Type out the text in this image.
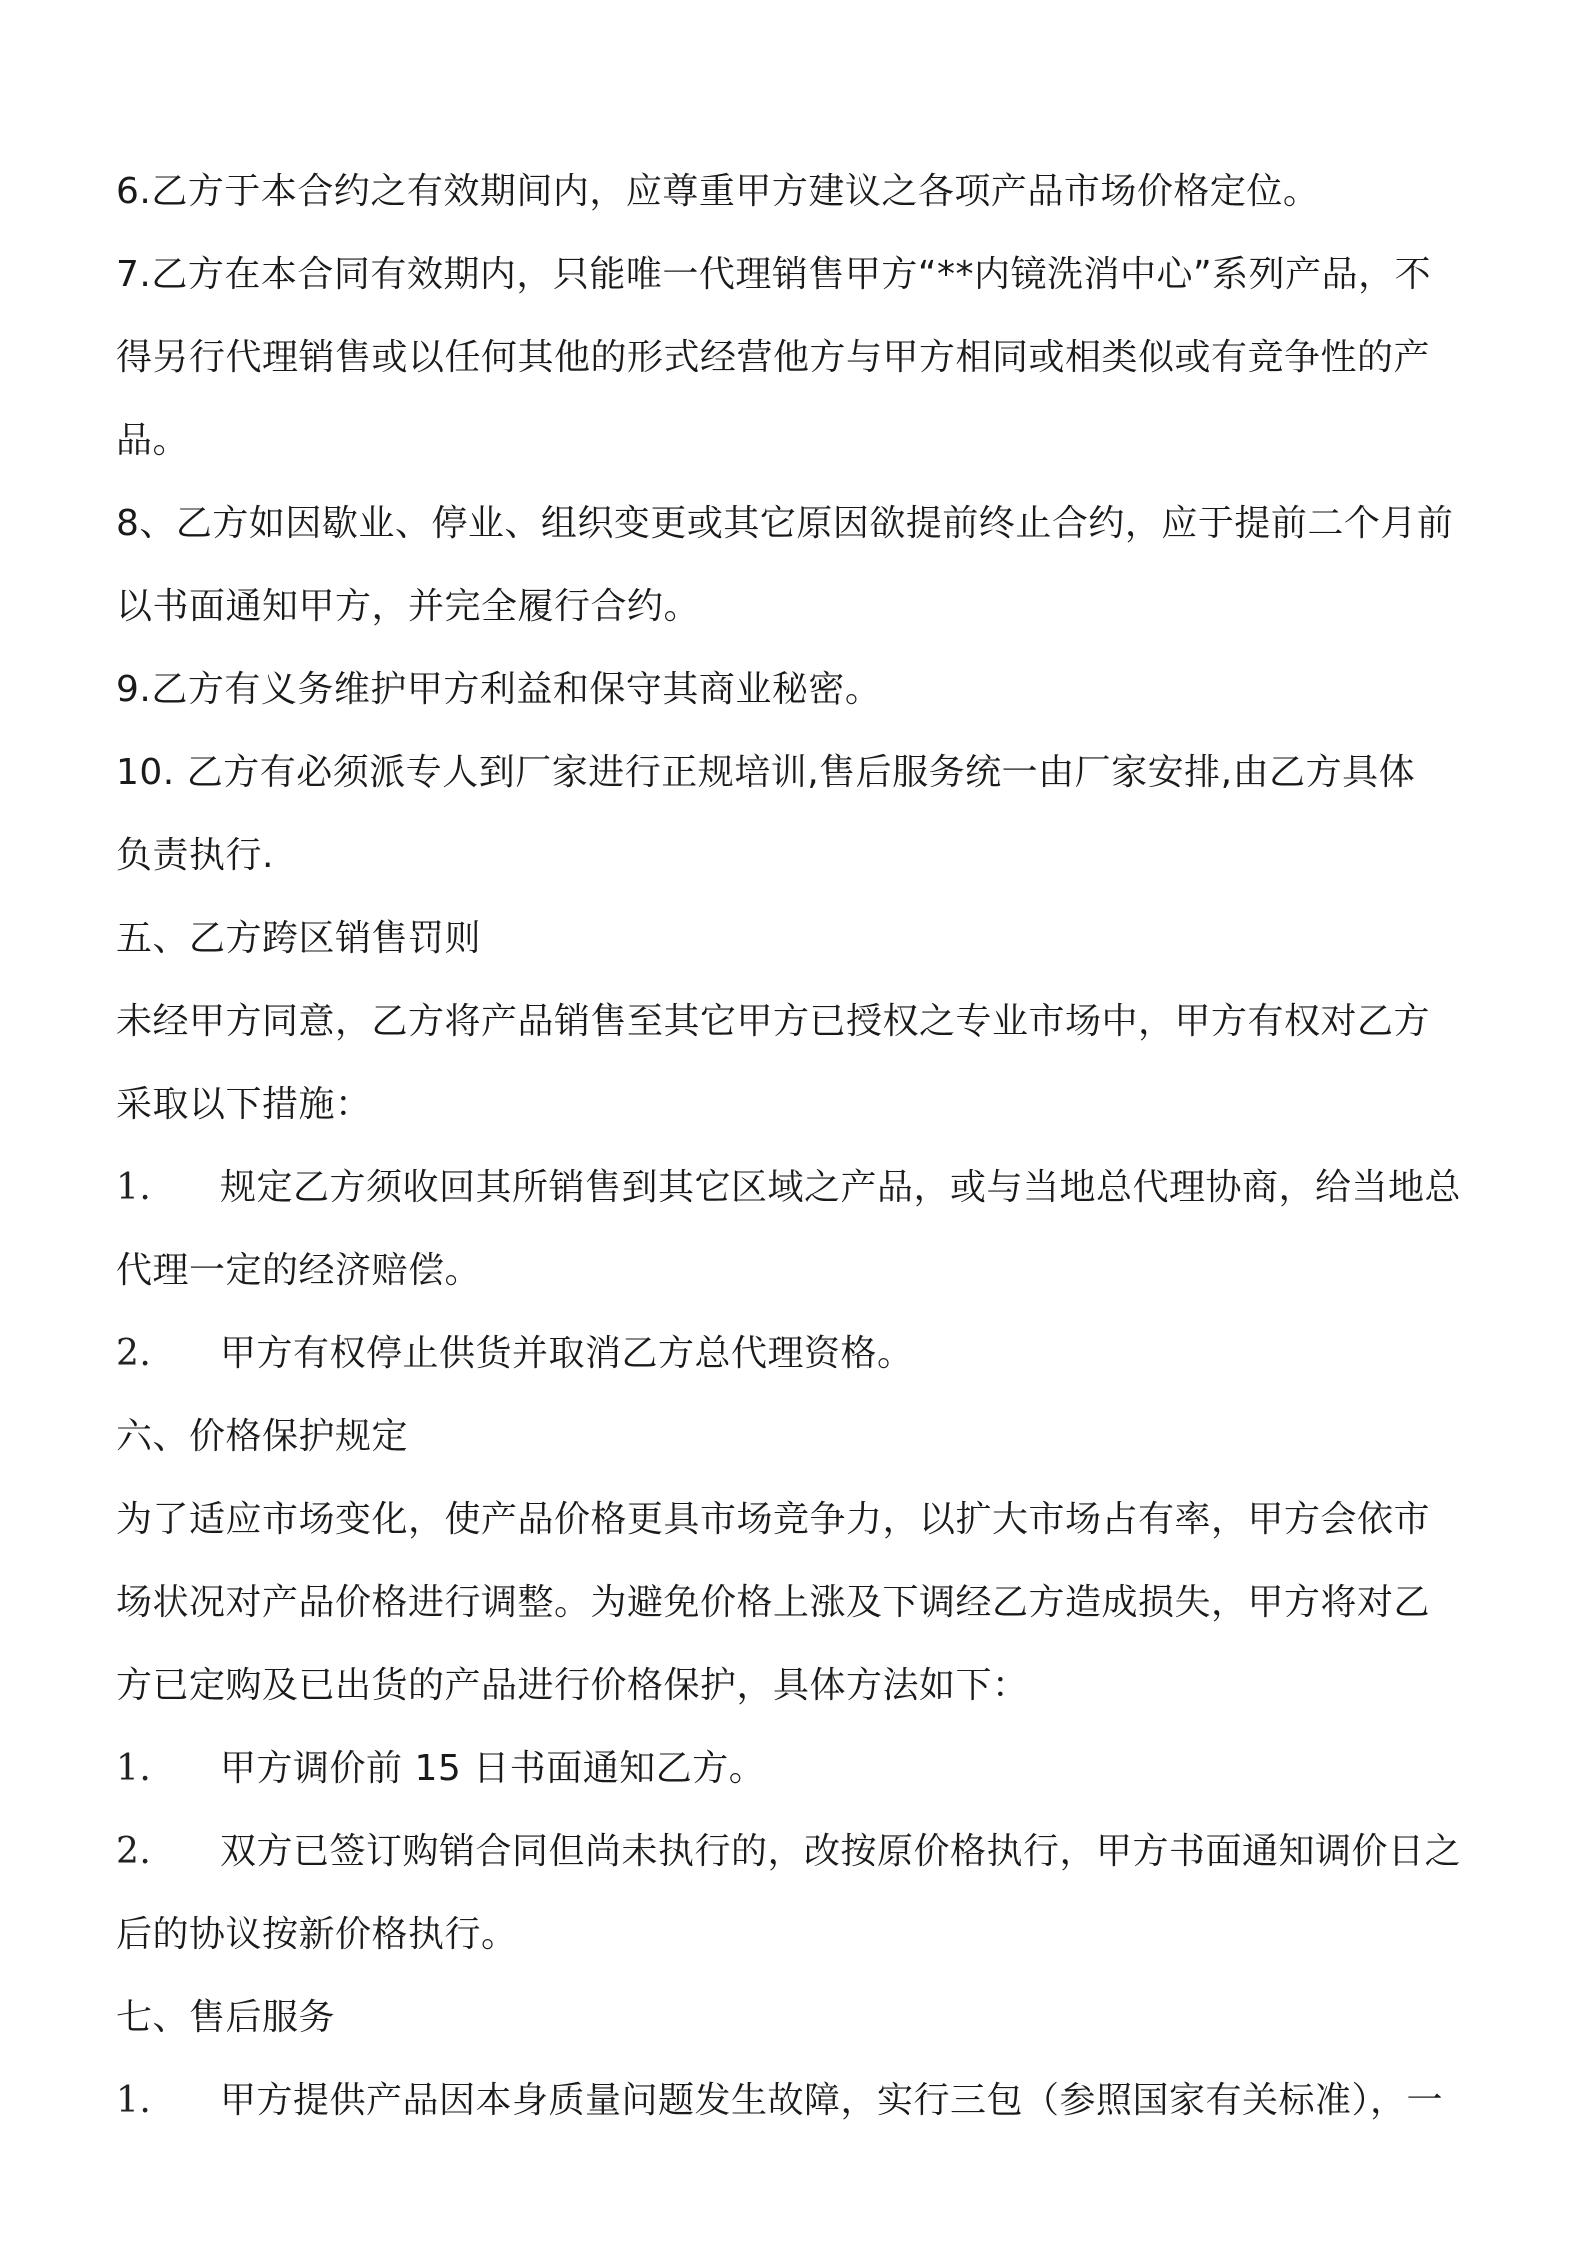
6.乙方于本合约之有效期间内，应尊重甲方建议之各项产品市场价格定位。
7.乙方在本合同有效期内，只能唯一代理销售甲方“**内镜洗消中心”系列产品，不
得另行代理销售或以任何其他的形式经营他方与甲方相同或相类似或有竞争性的产
品。
8、乙方如因歇业、停业、组织变更或其它原因欲提前终止合约，应于提前二个月前
以书面通知甲方，并完全履行合约。
9.乙方有义务维护甲方利益和保守其商业秘密。
10. 乙方有必须派专人到厂家进行正规培训,售后服务统一由厂家安排,由乙方具体
负责执行.
五、乙方跨区销售罚则
未经甲方同意，乙方将产品销售至其它甲方已授权之专业市场中，甲方有权对乙方
采取以下措施：
1.	规定乙方须收回其所销售到其它区域之产品，或与当地总代理协商，给当地总
代理一定的经济赔偿。
2.	甲方有权停止供货并取消乙方总代理资格。
六、价格保护规定
为了适应市场变化，使产品价格更具市场竞争力，以扩大市场占有率，甲方会依市
场状况对产品价格进行调整。为避免价格上涨及下调经乙方造成损失，甲方将对乙
方已定购及已出货的产品进行价格保护，具体方法如下：
1.	甲方调价前 15 日书面通知乙方。
2.	双方已签订购销合同但尚未执行的，改按原价格执行，甲方书面通知调价日之
后的协议按新价格执行。
七、售后服务
1.	甲方提供产品因本身质量问题发生故障，实行三包（参照国家有关标准），一
